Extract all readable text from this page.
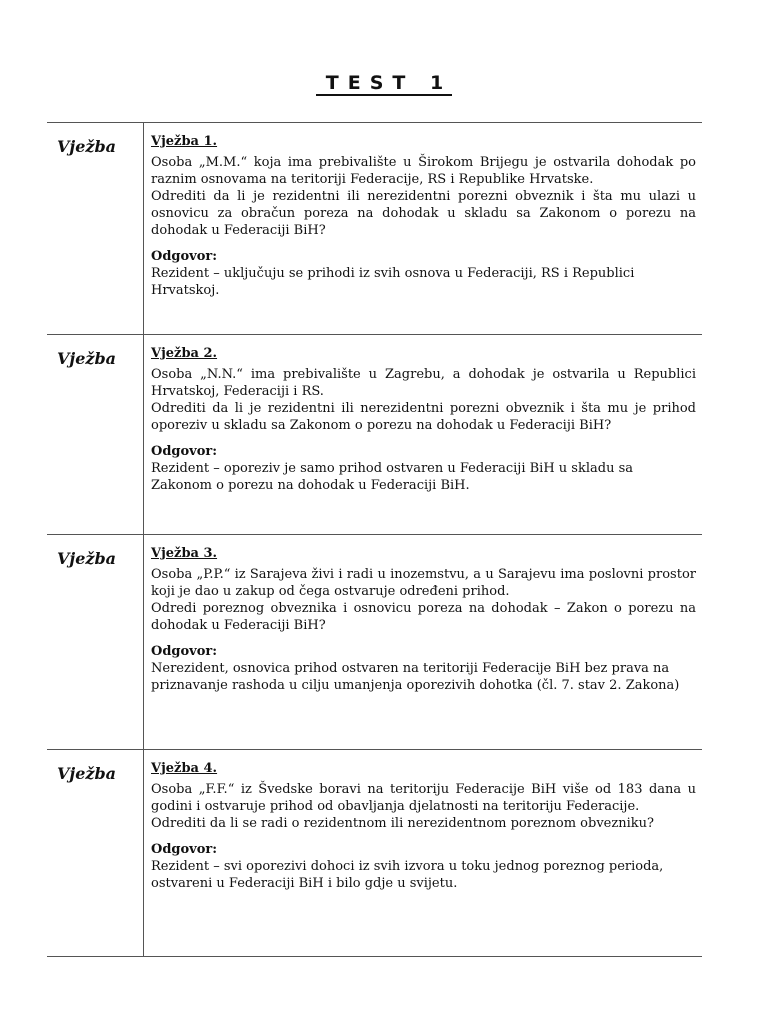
TEST 1
Vježba	Vježba 1.

Osoba „M.M.“ koja ima prebivalište u Širokom Brijegu je ostvarila dohodak po raznim osnovama na teritoriji Federacije, RS i Republike Hrvatske.

Odrediti da li je rezidentni ili nerezidentni porezni obveznik i šta mu ulazi u osnovicu za obračun poreza na dohodak u skladu sa Zakonom o porezu na dohodak u Federaciji BiH?

Odgovor:

Rezident – uključuju se prihodi iz svih osnova u Federaciji, RS i Republici Hrvatskoj.

Vježba	Vježba 2.

Osoba „N.N.“ ima prebivalište u Zagrebu, a dohodak je ostvarila u Republici Hrvatskoj, Federaciji i RS.

Odrediti da li je rezidentni ili nerezidentni porezni obveznik i šta mu je prihod oporeziv u skladu sa Zakonom o porezu na dohodak u Federaciji BiH?

Odgovor:

Rezident – oporeziv je samo prihod ostvaren u Federaciji BiH u skladu sa Zakonom o porezu na dohodak u Federaciji BiH.

Vježba	Vježba 3.

Osoba „P.P.“ iz Sarajeva živi i radi u inozemstvu, a u Sarajevu ima poslovni prostor koji je dao u zakup od čega ostvaruje određeni prihod.

Odredi poreznog obveznika i osnovicu poreza na dohodak – Zakon o porezu na dohodak u Federaciji BiH?

Odgovor:

Nerezident, osnovica prihod ostvaren na teritoriji Federacije BiH bez prava na priznavanje rashoda u cilju umanjenja oporezivih dohotka (čl. 7. stav 2. Zakona)

Vježba	Vježba 4.

Osoba „F.F.“ iz Švedske boravi na teritoriju Federacije BiH više od 183 dana u godini i ostvaruje prihod od obavljanja djelatnosti na teritoriju Federacije.

Odrediti da li se radi o rezidentnom ili nerezidentnom poreznom obvezniku?

Odgovor:

Rezident – svi oporezivi dohoci iz svih izvora u toku jednog poreznog perioda, ostvareni u Federaciji BiH i bilo gdje u svijetu.
